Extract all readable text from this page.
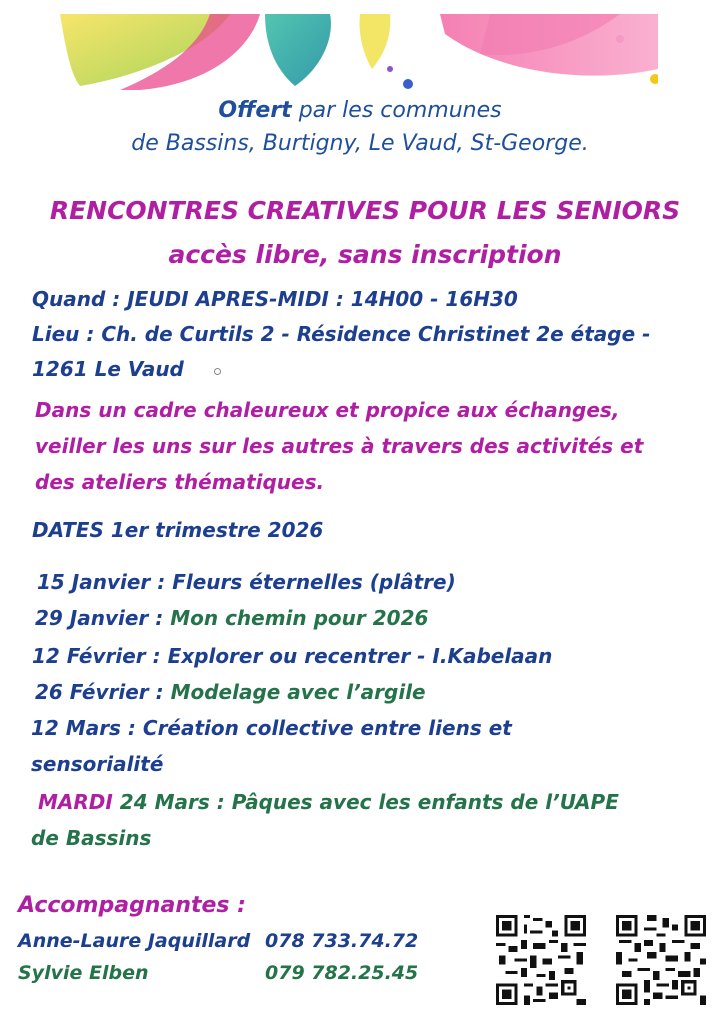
Offert par les communes
de Bassins, Burtigny, Le Vaud, St-George.
RENCONTRES CREATIVES POUR LES SENIORS
accès libre, sans inscription
Quand : JEUDI APRES-MIDI : 14H00 - 16H30
Lieu : Ch. de Curtils 2 - Résidence Christinet 2e étage -
1261 Le Vaud
Dans un cadre chaleureux et propice aux échanges,
veiller les uns sur les autres à travers des activités et
des ateliers thématiques.
DATES 1er trimestre 2026
15 Janvier : Fleurs éternelles (plâtre)
29 Janvier : Mon chemin pour 2026
12 Février : Explorer ou recentrer - I.Kabelaan
26 Février : Modelage avec l’argile
12 Mars : Création collective entre liens et
sensorialité
MARDI 24 Mars : Pâques avec les enfants de l’UAPE
de Bassins
Accompagnantes :
Anne-Laure Jaquillard 078 733.74.72
Sylvie Elben	079 782.25.45
